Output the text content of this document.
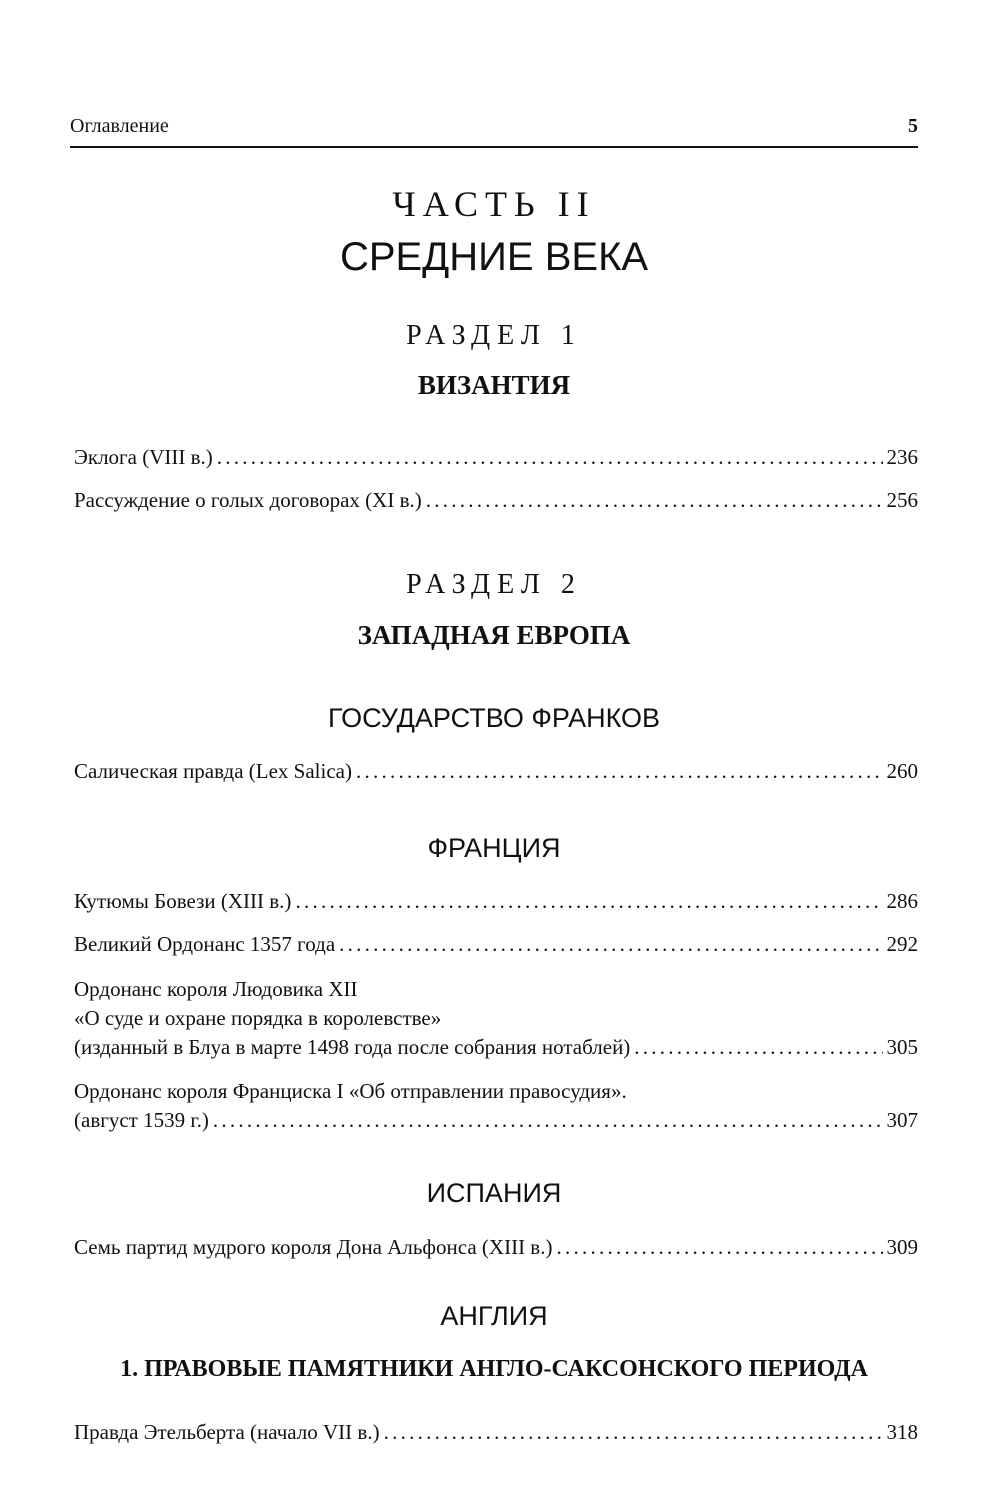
Оглавление	5
ЧАСТЬ II
СРЕДНИЕ ВЕКА
РАЗДЕЛ 1
ВИЗАНТИЯ
Эклога (VIII в.) . . .	236
Рассуждение о голых договорах (XI в.) . . .	256
РАЗДЕЛ 2
ЗАПАДНАЯ ЕВРОПА
ГОСУДАРСТВО ФРАНКОВ
Салическая правда (Lex Salica) . . .	260
ФРАНЦИЯ
Кутюмы Бовези (XIII в.) . . .	286
Великий Ордонанс 1357 года . . .	292
Ордонанс короля Людовика XII
«О суде и охране порядка в королевстве»
(изданный в Блуа в марте 1498 года после собрания нотаблей) . . .	305
Ордонанс короля Франциска I «Об отправлении правосудия».
(август 1539 г.) . . .	307
ИСПАНИЯ
Семь партид мудрого короля Дона Альфонса (XIII в.) . . .	309
АНГЛИЯ
1. ПРАВОВЫЕ ПАМЯТНИКИ АНГЛО-САКСОНСКОГО ПЕРИОДА
Правда Этельберта (начало VII в.) . . .	318
